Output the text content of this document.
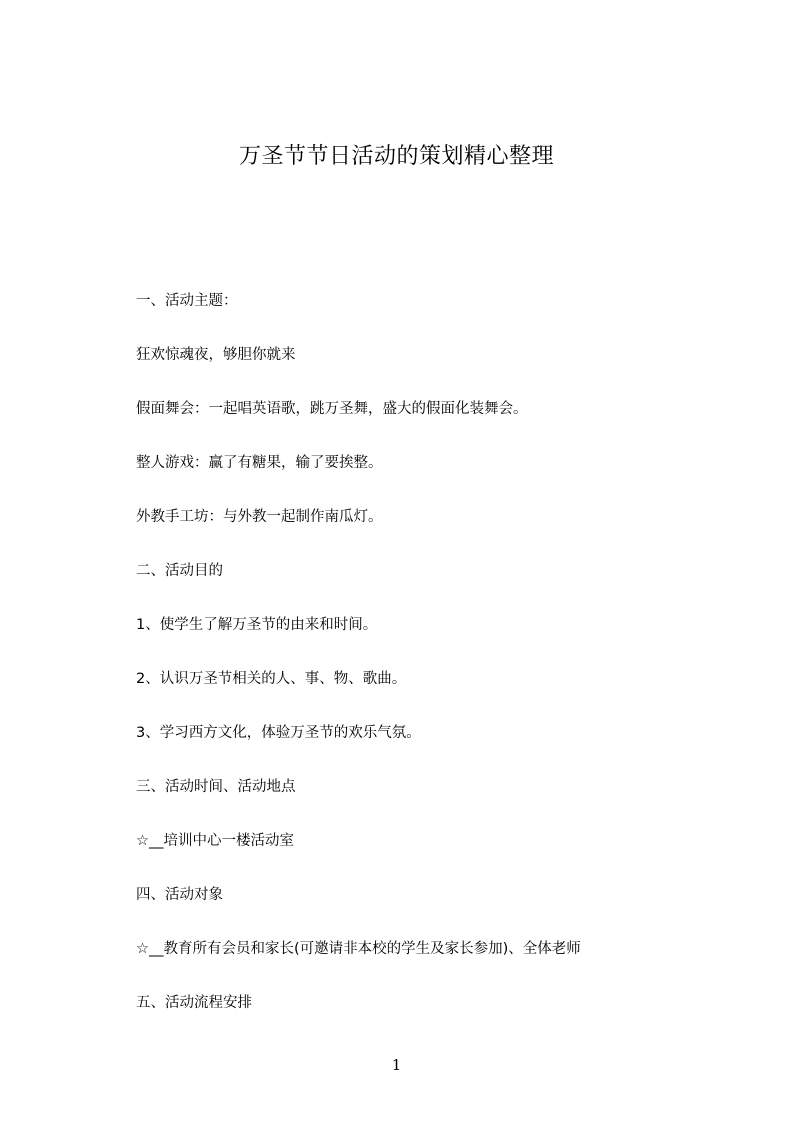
万圣节节日活动的策划精心整理
一、活动主题：
狂欢惊魂夜，够胆你就来
假面舞会：一起唱英语歌，跳万圣舞，盛大的假面化装舞会。
整人游戏：赢了有糖果，输了要挨整。
外教手工坊：与外教一起制作南瓜灯。
二、活动目的
1、使学生了解万圣节的由来和时间。
2、认识万圣节相关的人、事、物、歌曲。
3、学习西方文化，体验万圣节的欢乐气氛。
三、活动时间、活动地点
☆__培训中心一楼活动室
四、活动对象
☆__教育所有会员和家长(可邀请非本校的学生及家长参加)、全体老师
五、活动流程安排
1
